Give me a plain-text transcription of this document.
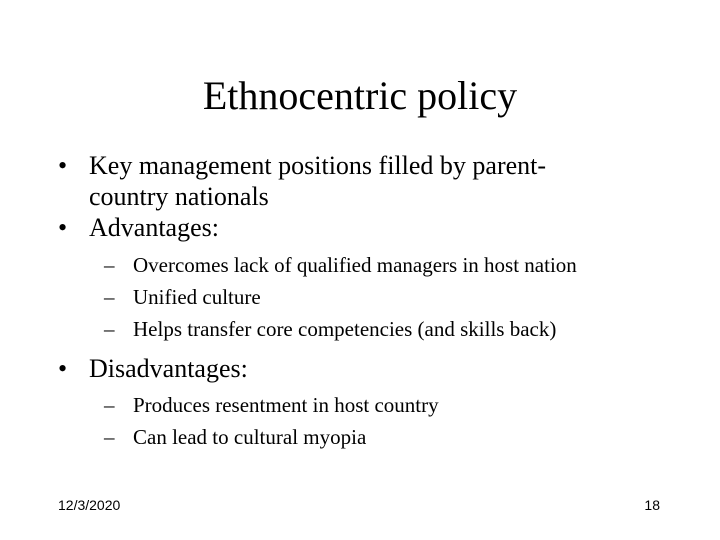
Ethnocentric policy
• Key management positions filled by parent-
country nationals
• Advantages:
– Overcomes lack of qualified managers in host nation
– Unified culture
– Helps transfer core competencies (and skills back)
• Disadvantages:
– Produces resentment in host country
– Can lead to cultural myopia
12/3/2020	18
